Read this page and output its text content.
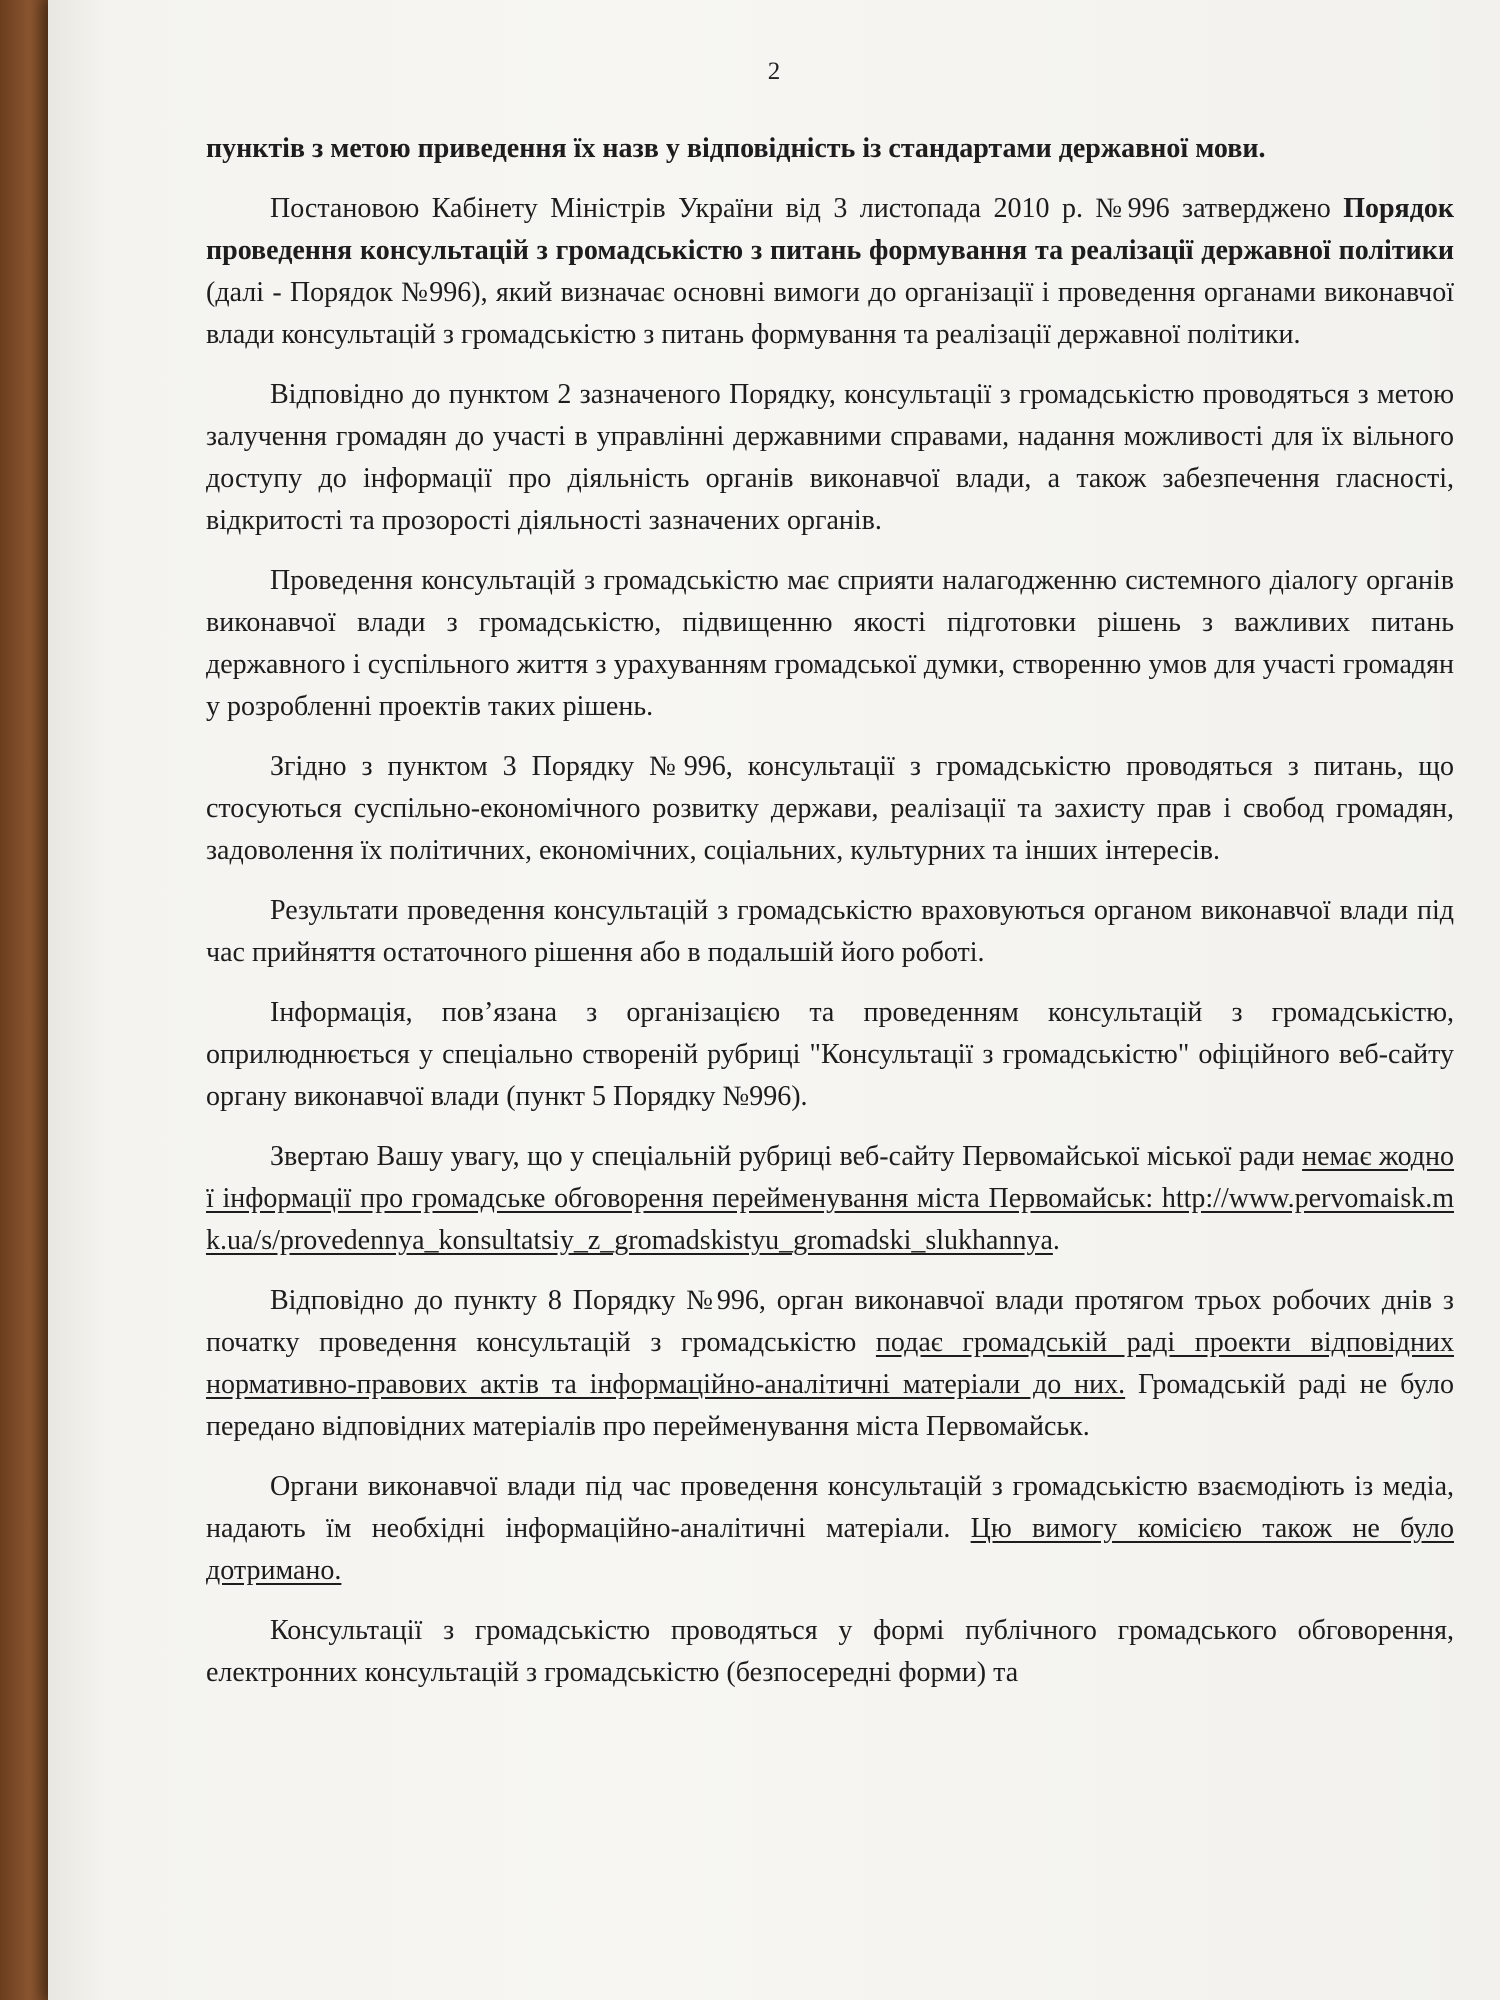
2

пунктів з метою приведення їх назв у відповідність із стандартами державної мови.

Постановою Кабінету Міністрів України від 3 листопада 2010 р. №996 затверджено Порядок проведення консультацій з громадськістю з питань формування та реалізації державної політики (далі - Порядок №996), який визначає основні вимоги до організації і проведення органами виконавчої влади консультацій з громадськістю з питань формування та реалізації державної політики.

Відповідно до пунктом 2 зазначеного Порядку, консультації з громадськістю проводяться з метою залучення громадян до участі в управлінні державними справами, надання можливості для їх вільного доступу до інформації про діяльність органів виконавчої влади, а також забезпечення гласності, відкритості та прозорості діяльності зазначених органів.

Проведення консультацій з громадськістю має сприяти налагодженню системного діалогу органів виконавчої влади з громадськістю, підвищенню якості підготовки рішень з важливих питань державного і суспільного життя з урахуванням громадської думки, створенню умов для участі громадян у розробленні проектів таких рішень.

Згідно з пунктом 3 Порядку №996, консультації з громадськістю проводяться з питань, що стосуються суспільно-економічного розвитку держави, реалізації та захисту прав і свобод громадян, задоволення їх політичних, економічних, соціальних, культурних та інших інтересів.

Результати проведення консультацій з громадськістю враховуються органом виконавчої влади під час прийняття остаточного рішення або в подальшій його роботі.

Інформація, пов’язана з організацією та проведенням консультацій з громадськістю, оприлюднюється у спеціально створеній рубриці "Консультації з громадськістю" офіційного веб-сайту органу виконавчої влади (пункт 5 Порядку №996).

Звертаю Вашу увагу, що у спеціальній рубриці веб-сайту Первомайської міської ради немає жодної інформації про громадське обговорення перейменування міста Первомайськ: http://www.pervomaisk.mk.ua/s/provedennya_konsultatsiy_z_gromadskistyu_gromadski_slukhannya.

Відповідно до пункту 8 Порядку №996, орган виконавчої влади протягом трьох робочих днів з початку проведення консультацій з громадськістю подає громадській раді проекти відповідних нормативно-правових актів та інформаційно-аналітичні матеріали до них. Громадській раді не було передано відповідних матеріалів про перейменування міста Первомайськ.

Органи виконавчої влади під час проведення консультацій з громадськістю взаємодіють із медіа, надають їм необхідні інформаційно-аналітичні матеріали. Цю вимогу комісією також не було дотримано.

Консультації з громадськістю проводяться у формі публічного громадського обговорення, електронних консультацій з громадськістю (безпосередні форми) та
